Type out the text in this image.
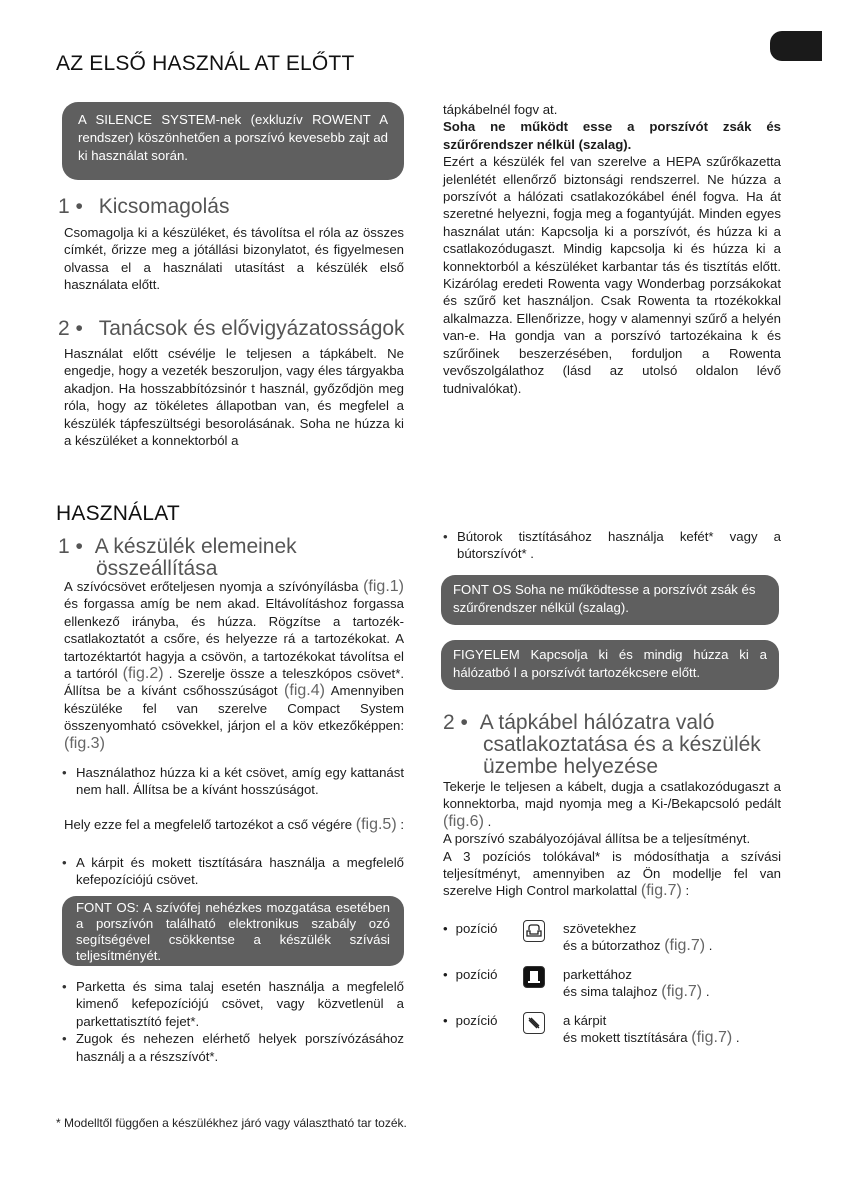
AZ ELSŐ HASZNÁL AT ELŐTT
A SILENCE SYSTEM-nek (exkluzív ROWENT A rendszer) köszönhetően a porszívó kevesebb zajt ad ki használat során.
1 • Kicsomagolás
Csomagolja ki a készüléket, és távolítsa el róla az összes címkét, őrizze meg a jótállási bizonylatot, és figyelmesen olvassa el a használati utasítást a készülék első használata előtt.
2 • Tanácsok és elővigyázatosságok
Használat előtt csévélje le teljesen a tápkábelt. Ne engedje, hogy a vezeték beszoruljon, vagy éles tárgyakba akadjon. Ha hosszabbítózsinór t használ, győződjön meg róla, hogy az tökéletes állapotban van, és megfelel a készülék tápfeszültségi besorolásának. Soha ne húzza ki a készüléket a konnektorból a
tápkábelnél fogv at.
Soha ne működt esse a porszívót zsák és szűrőrendszer nélkül (szalag).
Ezért a készülék fel van szerelve a HEPA szűrőkazetta jelenlétét ellenőrző biztonsági rendszerrel. Ne húzza a porszívót a hálózati csatlakozókábel énél fogva. Ha át szeretné helyezni, fogja meg a fogantyúját. Minden egyes használat után: Kapcsolja ki a porszívót, és húzza ki a csatlakozódugaszt. Mindig kapcsolja ki és húzza ki a konnektorból a készüléket karbantar tás és tisztítás előtt. Kizárólag eredeti Rowenta vagy Wonderbag porzsákokat és szűrő ket használjon. Csak Rowenta ta rtozékokkal alkalmazza. Ellenőrizze, hogy v alamennyi szűrő a helyén van-e. Ha gondja van a porszívó tartozékaina k és szűrőinek beszerzésében, forduljon a Rowenta vevőszolgálathoz (lásd az utolsó oldalon lévő tudnivalókat).
HASZNÁLAT
1 • A készülék elemeinek
összeállítása
A szívócsövet erőteljesen nyomja a szívónyílásba (fig.1) és forgassa amíg be nem akad. Eltávolításhoz forgassa ellenkező irányba, és húzza. Rögzítse a tartozék-csatlakoztatót a csőre, és helyezze rá a tartozékokat. A tartozéktartót hagyja a csövön, a tartozékokat távolítsa el a tartóról (fig.2) . Szerelje össze a teleszkópos csövet*. Állítsa be a kívánt csőhosszúságot (fig.4) Amennyiben készüléke fel van szerelve Compact System összenyomható csövekkel, járjon el a köv etkezőképpen: (fig.3)
• Használathoz húzza ki a két csövet, amíg egy kattanást nem hall. Állítsa be a kívánt hosszúságot.
Hely ezze fel a megfelelő tartozékot a cső végére (fig.5) :
• A kárpit és mokett tisztítására használja a megfelelő kefepozíciójú csövet.
FONT OS: A szívófej nehézkes mozgatása esetében a porszívón található elektronikus szabály ozó segítségével csökkentse a készülék szívási teljesítményét.
• Parketta és sima talaj esetén használja a megfelelő kimenő kefepozíciójú csövet, vagy közvetlenül a parkettatisztító fejet*.
• Zugok és nehezen elérhető helyek porszívózásához használj a a részszívót*.
• Bútorok tisztításához használja kefét* vagy a bútorszívót* .
FONT OS Soha ne működtesse a porszívót zsák és szűrőrendszer nélkül (szalag).
FIGYELEM Kapcsolja ki és mindig húzza ki a hálózatbó l a porszívót tartozékcsere előtt.
2 • A tápkábel hálózatra való
csatlakoztatása és a készülék
üzembe helyezése
Tekerje le teljesen a kábelt, dugja a csatlakozódugaszt a konnektorba, majd nyomja meg a Ki-/Bekapcsoló pedált (fig.6) .
A porszívó szabályozójával állítsa be a teljesítményt.
A 3 pozíciós tolókával* is módosíthatja a szívási teljesítményt, amennyiben az Ön modellje fel van szerelve High Control markolattal (fig.7) :
• pozíció	szövetekhez
és a bútorzathoz (fig.7) .
• pozíció	parkettához
és sima talajhoz (fig.7) .
• pozíció	a kárpit
és mokett tisztítására (fig.7) .
* Modelltől függően a készülékhez járó vagy választható tar tozék.
